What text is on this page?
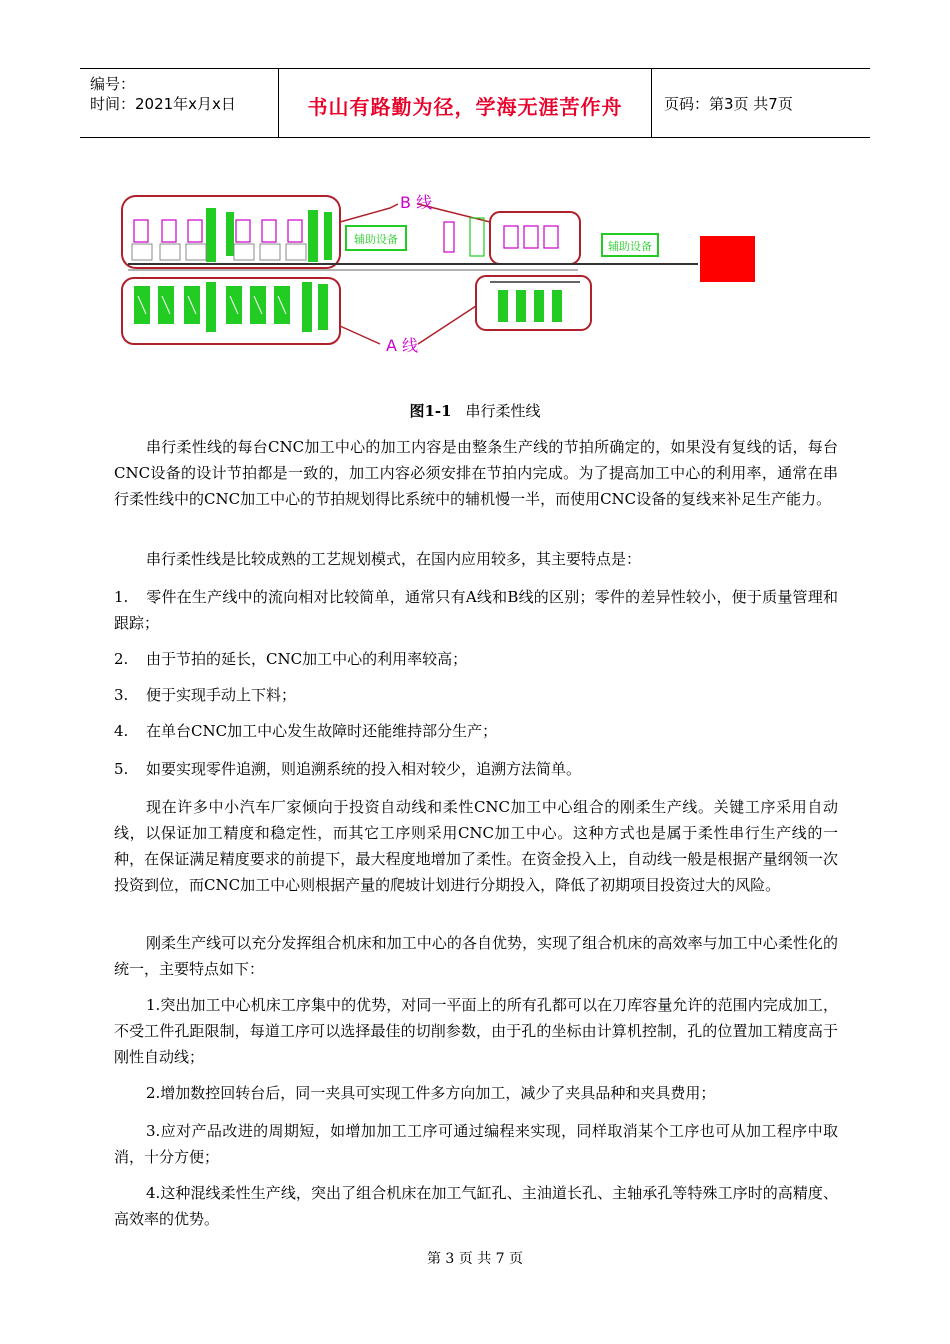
编号：
时间：2021年x月x日	书山有路勤为径，学海无涯苦作舟	页码：第3页 共7页
B 线
A 线
辅助设备
辅助设备
图1-1 串行柔性线

串行柔性线的每台CNC加工中心的加工内容是由整条生产线的节拍所确定的，如果没有复线的话，每台CNC设备的设计节拍都是一致的，加工内容必须安排在节拍内完成。为了提高加工中心的利用率，通常在串行柔性线中的CNC加工中心的节拍规划得比系统中的辅机慢一半，而使用CNC设备的复线来补足生产能力。

串行柔性线是比较成熟的工艺规划模式，在国内应用较多，其主要特点是：

1. 零件在生产线中的流向相对比较简单，通常只有A线和B线的区别；零件的差异性较小，便于质量管理和跟踪；
2. 由于节拍的延长，CNC加工中心的利用率较高；
3. 便于实现手动上下料；
4. 在单台CNC加工中心发生故障时还能维持部分生产；
5. 如要实现零件追溯，则追溯系统的投入相对较少，追溯方法简单。

现在许多中小汽车厂家倾向于投资自动线和柔性CNC加工中心组合的刚柔生产线。关键工序采用自动线，以保证加工精度和稳定性，而其它工序则采用CNC加工中心。这种方式也是属于柔性串行生产线的一种，在保证满足精度要求的前提下，最大程度地增加了柔性。在资金投入上，自动线一般是根据产量纲领一次投资到位，而CNC加工中心则根据产量的爬坡计划进行分期投入，降低了初期项目投资过大的风险。

刚柔生产线可以充分发挥组合机床和加工中心的各自优势，实现了组合机床的高效率与加工中心柔性化的统一，主要特点如下：

1.突出加工中心机床工序集中的优势，对同一平面上的所有孔都可以在刀库容量允许的范围内完成加工，不受工件孔距限制，每道工序可以选择最佳的切削参数，由于孔的坐标由计算机控制，孔的位置加工精度高于刚性自动线；

2.增加数控回转台后，同一夹具可实现工件多方向加工，减少了夹具品种和夹具费用；

3.应对产品改进的周期短，如增加加工工序可通过编程来实现，同样取消某个工序也可从加工程序中取消，十分方便；

4.这种混线柔性生产线，突出了组合机床在加工气缸孔、主油道长孔、主轴承孔等特殊工序时的高精度、高效率的优势。

第 3 页 共 7 页
